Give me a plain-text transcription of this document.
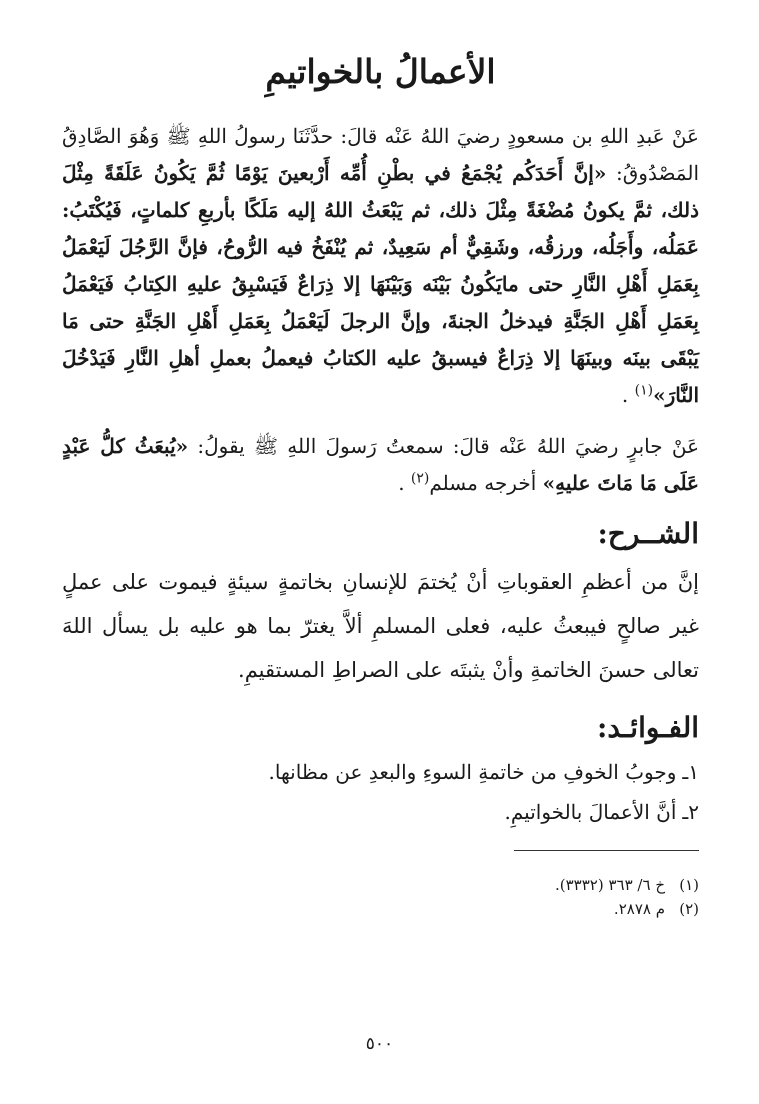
الأعمالُ بالخواتيمِ

عَنْ عَبدِ اللهِ بن مسعودٍ رضيَ اللهُ عَنْه قالَ: حدَّثَنَا رسولُ اللهِ ﷺ وَهُوَ الصَّادِقُ المَصْدُوقُ: «إنَّ أَحَدَكُم يُجْمَعُ في بطْنِ أُمِّه أَرْبعينَ يَوْمًا ثُمَّ يَكُونُ عَلَقَةً مِثْلَ ذلك، ثمَّ يكونُ مُضْغَةً مِثْلَ ذلك، ثم يَبْعَثُ اللهُ إليه مَلَكًا بأربعِ كلماتٍ، فَيُكْتَبُ: عَمَلُه، وأَجَلُه، ورزقُه، وشَقِيٌّ أم سَعِيدٌ، ثم يُنْفَخُ فيه الرُّوحُ، فإنَّ الرَّجُلَ لَيَعْمَلُ بِعَمَلِ أَهْلِ النَّارِ حتى مايَكُونُ بَيْنَه وَبَيْنَهَا إلا ذِرَاعٌ فَيَسْبِقُ عليهِ الكِتابُ فَيَعْمَلُ بِعَمَلِ أَهْلِ الجَنَّةِ فيدخلُ الجنةَ، وإنَّ الرجلَ لَيَعْمَلُ بِعَمَلِ أَهْلِ الجَنَّةِ حتى مَا يَبْقَى بينَه وبينَهَا إلا ذِرَاعٌ فيسبقُ عليه الكتابُ فيعملُ بعملِ أهلِ النَّارِ فَيَدْخُلَ النَّارَ»$^{(١)}$ .

عَنْ جابرٍ رضيَ اللهُ عَنْه قالَ: سمعتُ رَسولَ اللهِ ﷺ يقولُ: «يُبعَثُ كلُّ عَبْدٍ عَلَى مَا مَاتَ عليهِ» أخرجه مسلم$^{(٢)}$ .

الشــرح:

إنَّ من أعظمِ العقوباتِ أنْ يُختمَ للإنسانِ بخاتمةٍ سيئةٍ فيموت على عملٍ غير صالحٍ فيبعثُ عليه، فعلى المسلمِ ألاَّ يغترّ بما هو عليه بل يسأل اللهَ تعالى حسنَ الخاتمةِ وأنْ يثبتَه على الصراطِ المستقيمِ.

الفـوائـد:
١ـوجوبُ الخوفِ من خاتمةِ السوءِ والبعدِ عن مظانها.
٢ـأنَّ الأعمالَ بالخواتيمِ.
(١)خ ٦/ ٣٦٣ (٣٣٣٢).
(٢)م ٢٨٧٨.
٥٠٠
